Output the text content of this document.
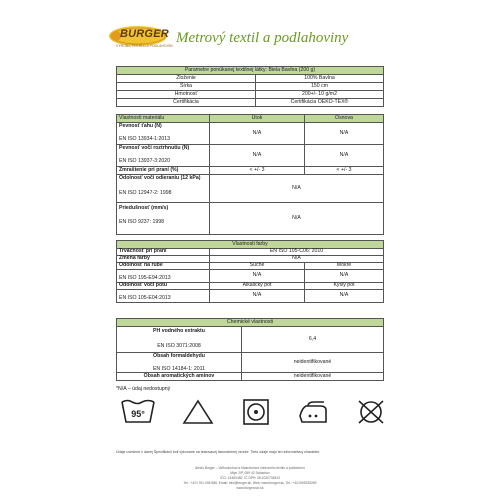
BURGER
VÝROBA TEXTÍLU A PODLAHOVÍN Metrový textil a podlahoviny
Parametre ponúkanej textilnej látky: Biela Bavlna (200 g)	
Zloženie	100% Bavlna
Šírka	150 cm
Hmotnosť	200+/- 10 g/m2
Certifikácia	Certifikácia OEKO-TEX®
Vlastnosti materiálu	Útok	Osnova

Pevnosť ťahu (N)
EN ISO 13934-1:2013	N/A	N/A

Pevnosť voči roztrhnutiu (N)
EN ISO 13937-3:2020	N/A	N/A
Zmraštenie pri praní (%)	< +/- 3	< +/- 3

Odolnosť voči odieraniu (12 kPa)
EN ISO 12947-2: 1998	N/A	

Priedušnosť (mm/s)
EN ISO 9237: 1998	N/A	
Vlastnosti farby		
Trvácnosť pri praní	EN ISO 105-C06: 2010	
Zmena farby	N/A	
Odolnosť na rube	Suché	Mokré
EN ISO 195-E94:2013	N/A	N/A
Odolnosť voči potu	Alkalický pot	Kyslý pot
EN ISO 105-E04:2013	N/A	N/A
Chemické vlastnosti	

PH vodného extraktu
EN ISO 3071:2008	6,4

Obsah formaldehydu
EN ISO 14184-1: 2011	neidentifikované
Obsah aromatických amínov	neidentifikované
*N/A – údaj nedostupný
95°
Údaje uvedené v danej Špecifikácii boli vykonané na testovacej laboratórnej vzorke. Tieto údaje majú len informatívny charakter.
Alexis Burger – Veľkoobchod a Maloobchod metrového textilu a podlahovín
Mlyn 2/P, 059 42 Svitachov
IČO: 14483482, IČ DPH: SK1020734813
Tel.: +421 911 005 888, Email: info@burger.sk, Web: www.burgeri.sk, Tel.: +421949335269
www.burgerovo.sk
